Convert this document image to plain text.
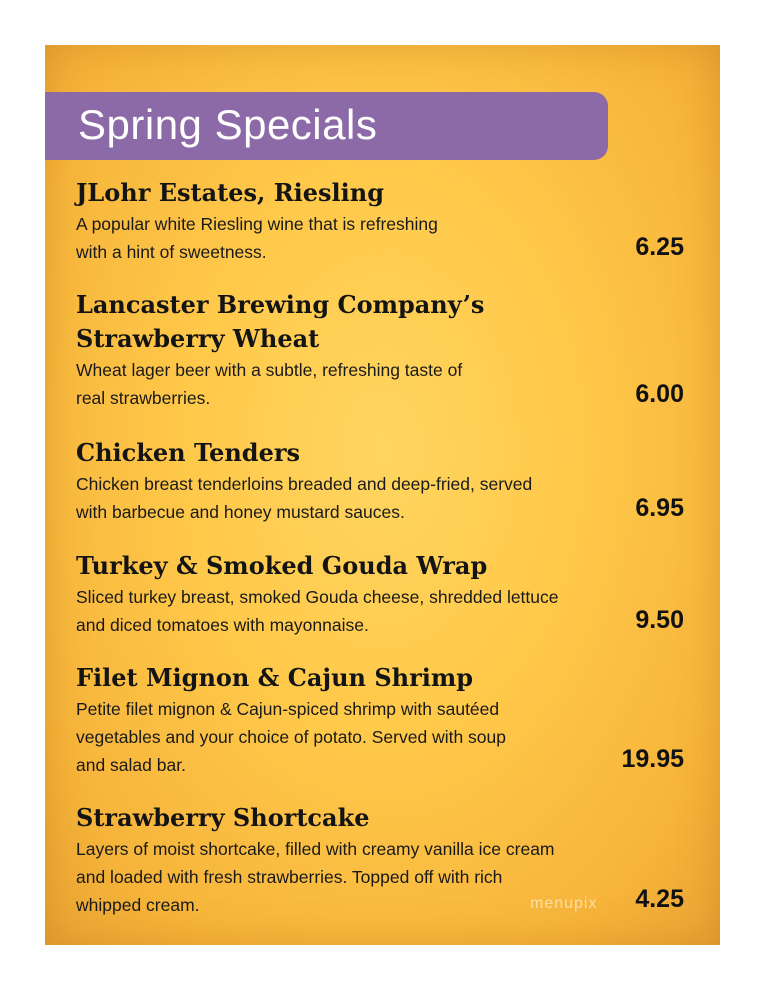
Spring Specials

JLohr Estates, Riesling

A popular white Riesling wine that is refreshing
with a hint of sweetness.	6.25

Lancaster Brewing Company’s
Strawberry Wheat

Wheat lager beer with a subtle, refreshing taste of
real strawberries.	6.00

Chicken Tenders

Chicken breast tenderloins breaded and deep-fried, served
with barbecue and honey mustard sauces.	6.95

Turkey & Smoked Gouda Wrap

Sliced turkey breast, smoked Gouda cheese, shredded lettuce
and diced tomatoes with mayonnaise.	9.50

Filet Mignon & Cajun Shrimp

Petite filet mignon & Cajun-spiced shrimp with sautéed
vegetables and your choice of potato. Served with soup
and salad bar.	19.95

Strawberry Shortcake

Layers of moist shortcake, filled with creamy vanilla ice cream
and loaded with fresh strawberries. Topped off with rich
whipped cream.	4.25
menupix
